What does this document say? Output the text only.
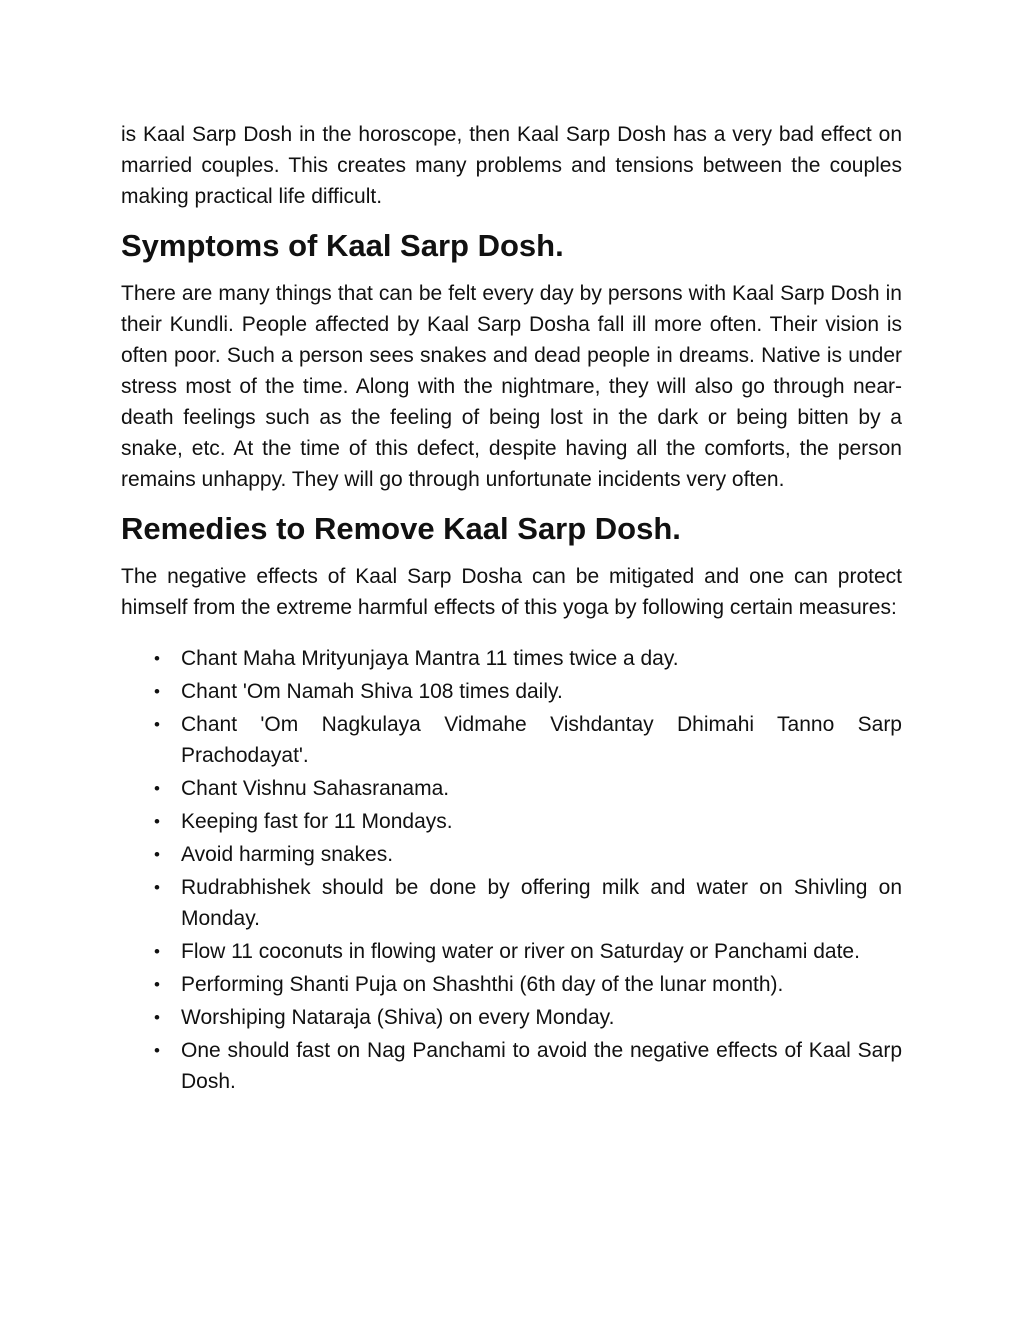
is Kaal Sarp Dosh in the horoscope, then Kaal Sarp Dosh has a very bad effect on married couples. This creates many problems and tensions between the couples making practical life difficult.

Symptoms of Kaal Sarp Dosh.

There are many things that can be felt every day by persons with Kaal Sarp Dosh in their Kundli. People affected by Kaal Sarp Dosha fall ill more often. Their vision is often poor. Such a person sees snakes and dead people in dreams. Native is under stress most of the time. Along with the nightmare, they will also go through near-death feelings such as the feeling of being lost in the dark or being bitten by a snake, etc. At the time of this defect, despite having all the comforts, the person remains unhappy. They will go through unfortunate incidents very often.

Remedies to Remove Kaal Sarp Dosh.

The negative effects of Kaal Sarp Dosha can be mitigated and one can protect himself from the extreme harmful effects of this yoga by following certain measures:

• Chant Maha Mrityunjaya Mantra 11 times twice a day.
• Chant 'Om Namah Shiva 108 times daily.
• Chant 'Om Nagkulaya Vidmahe Vishdantay Dhimahi Tanno Sarp Prachodayat'.
• Chant Vishnu Sahasranama.
• Keeping fast for 11 Mondays.
• Avoid harming snakes.
• Rudrabhishek should be done by offering milk and water on Shivling on Monday.
• Flow 11 coconuts in flowing water or river on Saturday or Panchami date.
• Performing Shanti Puja on Shashthi (6th day of the lunar month).
• Worshiping Nataraja (Shiva) on every Monday.
• One should fast on Nag Panchami to avoid the negative effects of Kaal Sarp Dosh.
